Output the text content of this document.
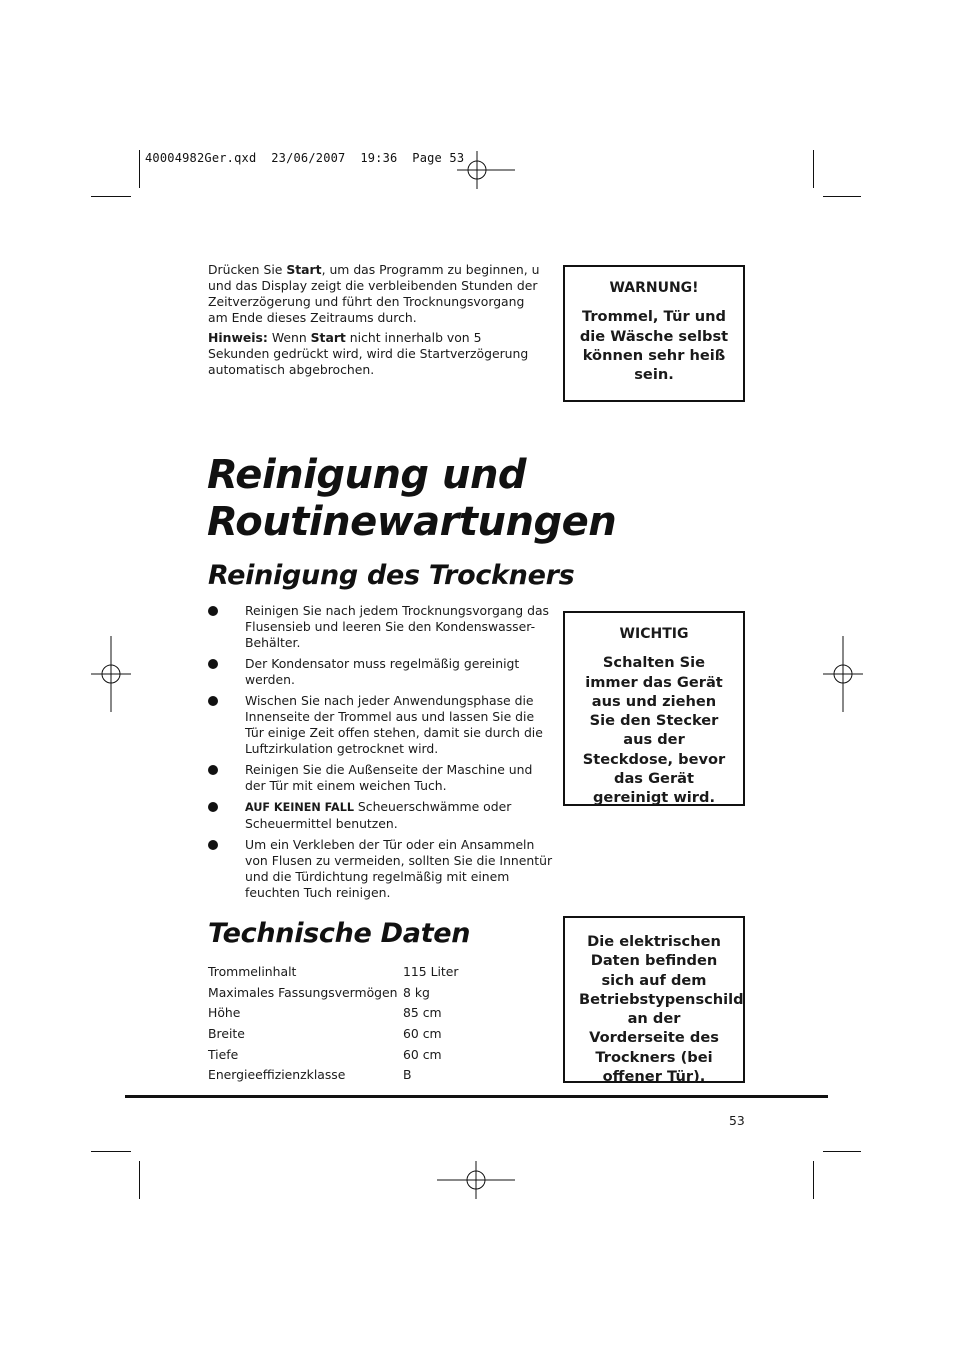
40004982Ger.qxd  23/06/2007  19:36  Page 53

Drücken Sie Start, um das Programm zu beginnen, u und das Display zeigt die verbleibenden Stunden der Zeitverzögerung und führt den Trocknungsvorgang am Ende dieses Zeitraums durch.

Hinweis: Wenn Start nicht innerhalb von 5 Sekunden gedrückt wird, wird die Startverzögerung automatisch abgebrochen.

WARNUNG!
Trommel, Tür und die Wäsche selbst können sehr heiß sein.
Reinigung und
Routinewartungen
Reinigung des Trockners
Reinigen Sie nach jedem Trocknungsvorgang das Flusensieb und leeren Sie den Kondenswasser-Behälter.
Der Kondensator muss regelmäßig gereinigt werden.
Wischen Sie nach jeder Anwendungsphase die Innenseite der Trommel aus und lassen Sie die Tür einige Zeit offen stehen, damit sie durch die Luftzirkulation getrocknet wird.
Reinigen Sie die Außenseite der Maschine und der Tür mit einem weichen Tuch.
AUF KEINEN FALL Scheuerschwämme oder Scheuermittel benutzen.
Um ein Verkleben der Tür oder ein Ansammeln von Flusen zu vermeiden, sollten Sie die Innentür und die Türdichtung regelmäßig mit einem feuchten Tuch reinigen.
WICHTIG
Schalten Sie immer das Gerät aus und ziehen Sie den Stecker aus der Steckdose, bevor das Gerät gereinigt wird.
Technische Daten
Trommelinhalt	115 Liter
Maximales Fassungsvermögen	8 kg
Höhe	85 cm
Breite	60 cm
Tiefe	60 cm
Energieeffizienzklasse	B
Die elektrischen Daten befinden sich auf dem Betriebstypenschild an der Vorderseite des Trockners (bei offener Tür).
53
